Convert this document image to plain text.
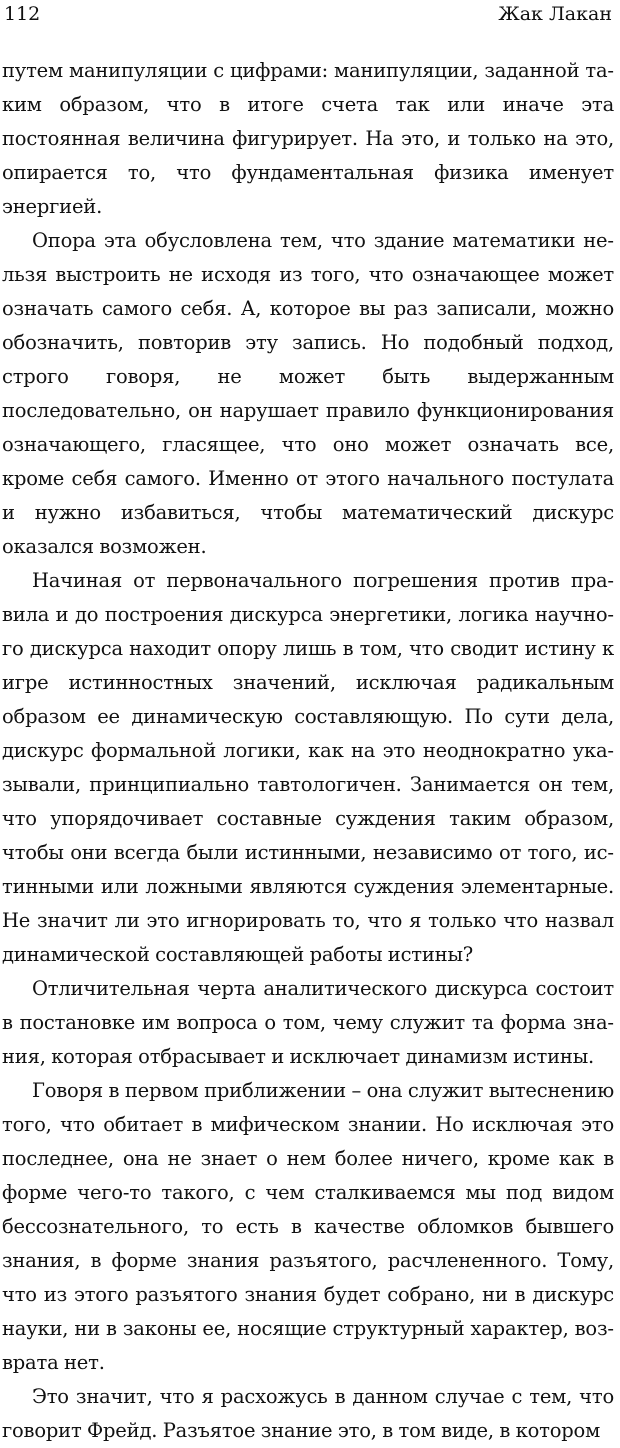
112	Жак Лакан

путем манипуляции с цифрами: манипуляции, заданной таким образом, что в итоге счета так или иначе эта постоянная величина фигурирует. На это, и только на это, опирается то, что фундаментальная физика именует энергией.

Опора эта обусловлена тем, что здание математики нельзя выстроить не исходя из того, что означающее может означать самого себя. А, которое вы раз записали, можно обозначить, повторив эту запись. Но подобный подход, строго говоря, не может быть выдержанным последовательно, он нарушает правило функционирования означающего, гласящее, что оно может означать все, кроме себя самого. Именно от этого начального постулата и нужно избавиться, чтобы математический дискурс оказался возможен.

Начиная от первоначального погрешения против правила и до построения дискурса энергетики, логика научного дискурса находит опору лишь в том, что сводит истину к игре истинностных значений, исключая радикальным образом ее динамическую составляющую. По сути дела, дискурс формальной логики, как на это неоднократно указывали, принципиально тавтологичен. Занимается он тем, что упорядочивает составные суждения таким образом, чтобы они всегда были истинными, независимо от того, истинными или ложными являются суждения элементарные. Не значит ли это игнорировать то, что я только что назвал динамической составляющей работы истины?

Отличительная черта аналитического дискурса состоит в постановке им вопроса о том, чему служит та форма знания, которая отбрасывает и исключает динамизм истины.

Говоря в первом приближении – она служит вытеснению того, что обитает в мифическом знании. Но исключая это последнее, она не знает о нем более ничего, кроме как в форме чего-то такого, с чем сталкиваемся мы под видом бессознательного, то есть в качестве обломков бывшего знания, в форме знания разъятого, расчлененного. Тому, что из этого разъятого знания будет собрано, ни в дискурс науки, ни в законы ее, носящие структурный характер, возврата нет.

Это значит, что я расхожусь в данном случае с тем, что говорит Фрейд. Разъятое знание это, в том виде, в котором
